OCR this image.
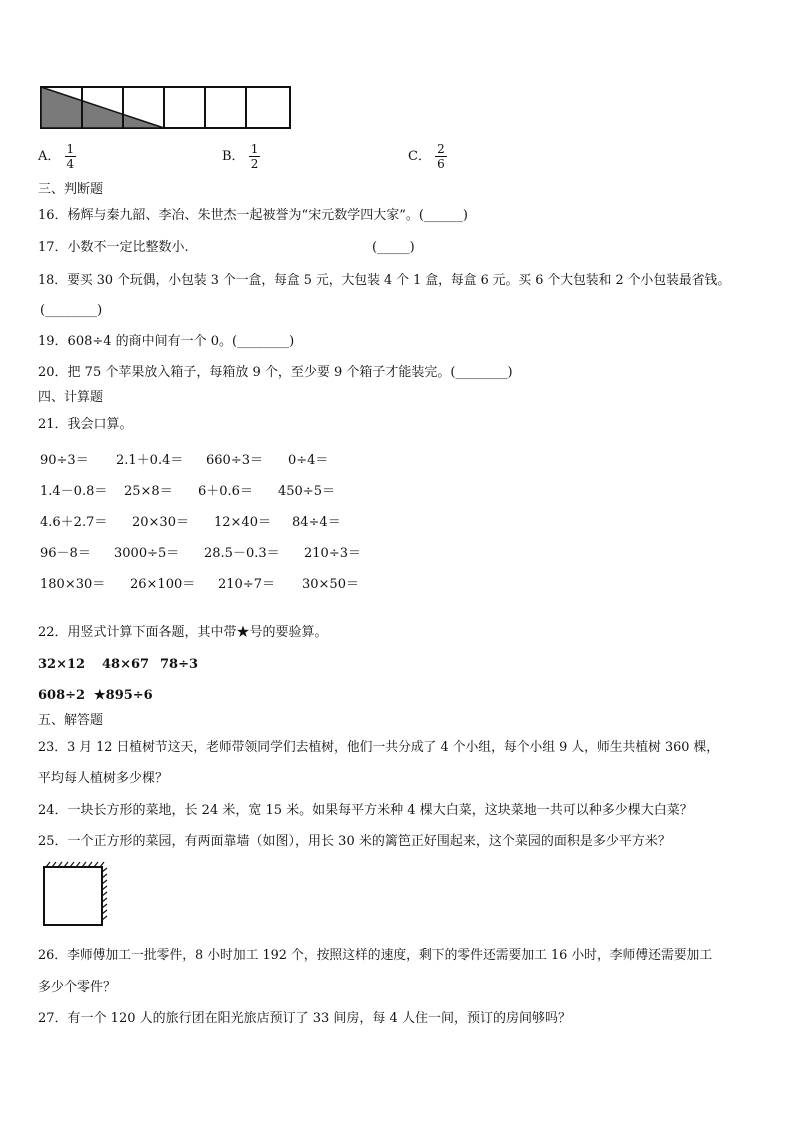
A． $\frac{1}{4}$	B． $\frac{1}{2}$	C． $\frac{2}{6}$
三、判断题
16．杨辉与秦九韶、李冶、朱世杰一起被誉为“宋元数学四大家”。(______)
17．小数不一定比整数小.	(_____)
18．要买 30 个玩偶，小包装 3 个一盒，每盒 5 元，大包装 4 个 1 盒，每盒 6 元。买 6 个大包装和 2 个小包装最省钱。
(________)
19．608÷4 的商中间有一个 0。(________)
20．把 75 个苹果放入箱子，每箱放 9 个，至少要 9 个箱子才能装完。(________)
四、计算题
21．我会口算。
90÷3＝ 2.1＋0.4＝ 660÷3＝ 0÷4＝
1.4－0.8＝ 25×8＝ 6＋0.6＝ 450÷5＝
4.6＋2.7＝ 20×30＝ 12×40＝ 84÷4＝
96－8＝ 3000÷5＝ 28.5－0.3＝ 210÷3＝
180×30＝ 26×100＝ 210÷7＝ 30×50＝
22．用竖式计算下面各题，其中带★号的要验算。
32×12 48×67 78÷3
608÷2 ★895÷6
五、解答题
23．3 月 12 日植树节这天，老师带领同学们去植树，他们一共分成了 4 个小组，每个小组 9 人，师生共植树 360 棵，
平均每人植树多少棵？
24．一块长方形的菜地，长 24 米，宽 15 米。如果每平方米种 4 棵大白菜，这块菜地一共可以种多少棵大白菜？
25．一个正方形的菜园，有两面靠墙（如图），用长 30 米的篱笆正好围起来，这个菜园的面积是多少平方米？
26．李师傅加工一批零件，8 小时加工 192 个，按照这样的速度，剩下的零件还需要加工 16 小时，李师傅还需要加工
多少个零件？
27．有一个 120 人的旅行团在阳光旅店预订了 33 间房，每 4 人住一间，预订的房间够吗？
